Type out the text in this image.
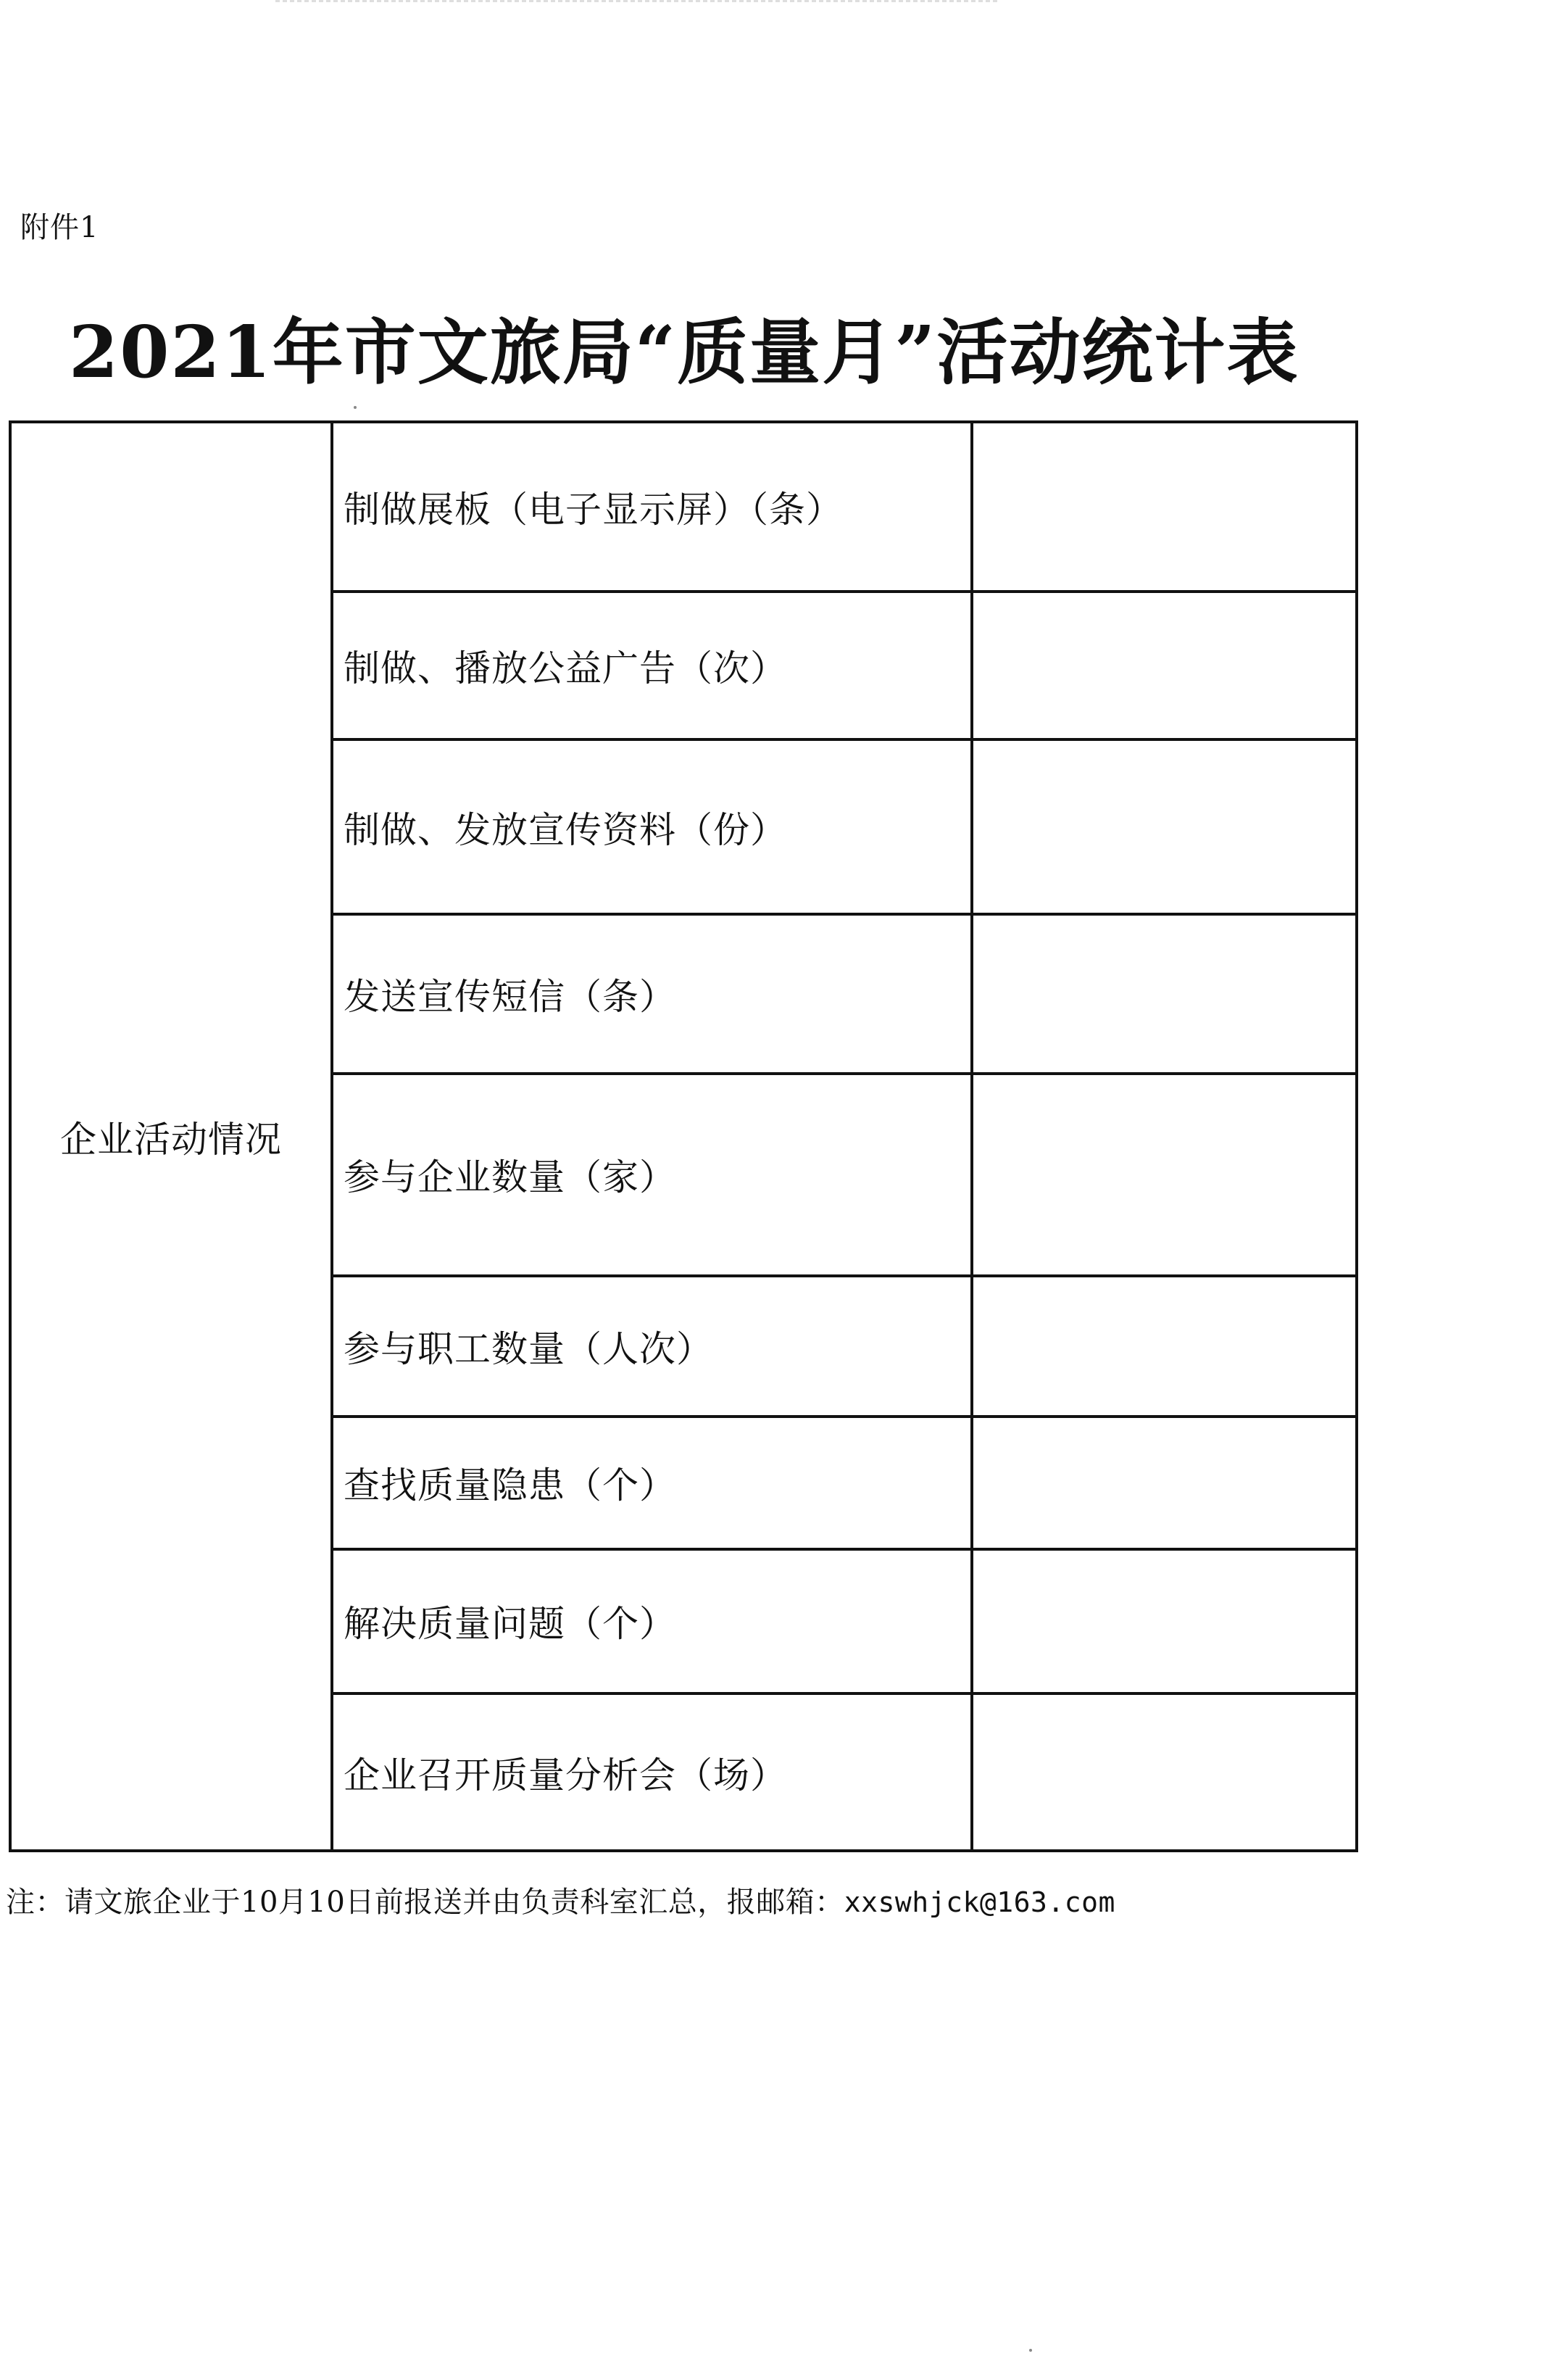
附件1
2021年市文旅局“质量月”活动统计表
企业活动情况	制做展板（电子显示屏）（条）	
	制做、播放公益广告（次）	
	制做、发放宣传资料（份）	
	发送宣传短信（条）	
	参与企业数量（家）	
	参与职工数量（人次）	
	查找质量隐患（个）	
	解决质量问题（个）	
	企业召开质量分析会（场）	
注：请文旅企业于10月10日前报送并由负责科室汇总，报邮箱：xxswhjck@163.com
